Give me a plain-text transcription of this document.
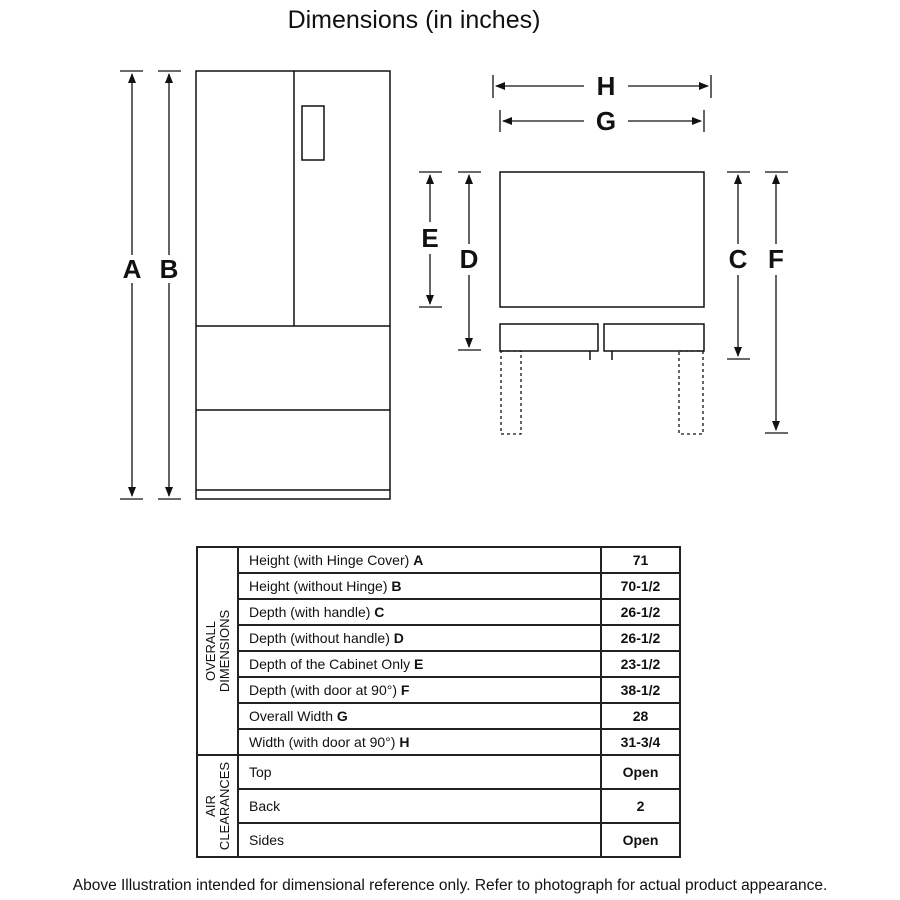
Dimensions (in inches)
A B
H
G
E
D	C F
OVERALL DIMENSIONS	Height (with Hinge Cover) A	71
	Height (without Hinge) B	70-1/2
	Depth (with handle) C	26-1/2
	Depth (without handle) D	26-1/2
	Depth of the Cabinet Only E	23-1/2
	Depth (with door at 90°) F	38-1/2
	Overall Width G	28
	Width (with door at 90°) H	31-3/4

AIR CLEARANCES	Top	Open
	Back	2
	Sides	Open
Above Illustration intended for dimensional reference only. Refer to photograph for actual product appearance.
